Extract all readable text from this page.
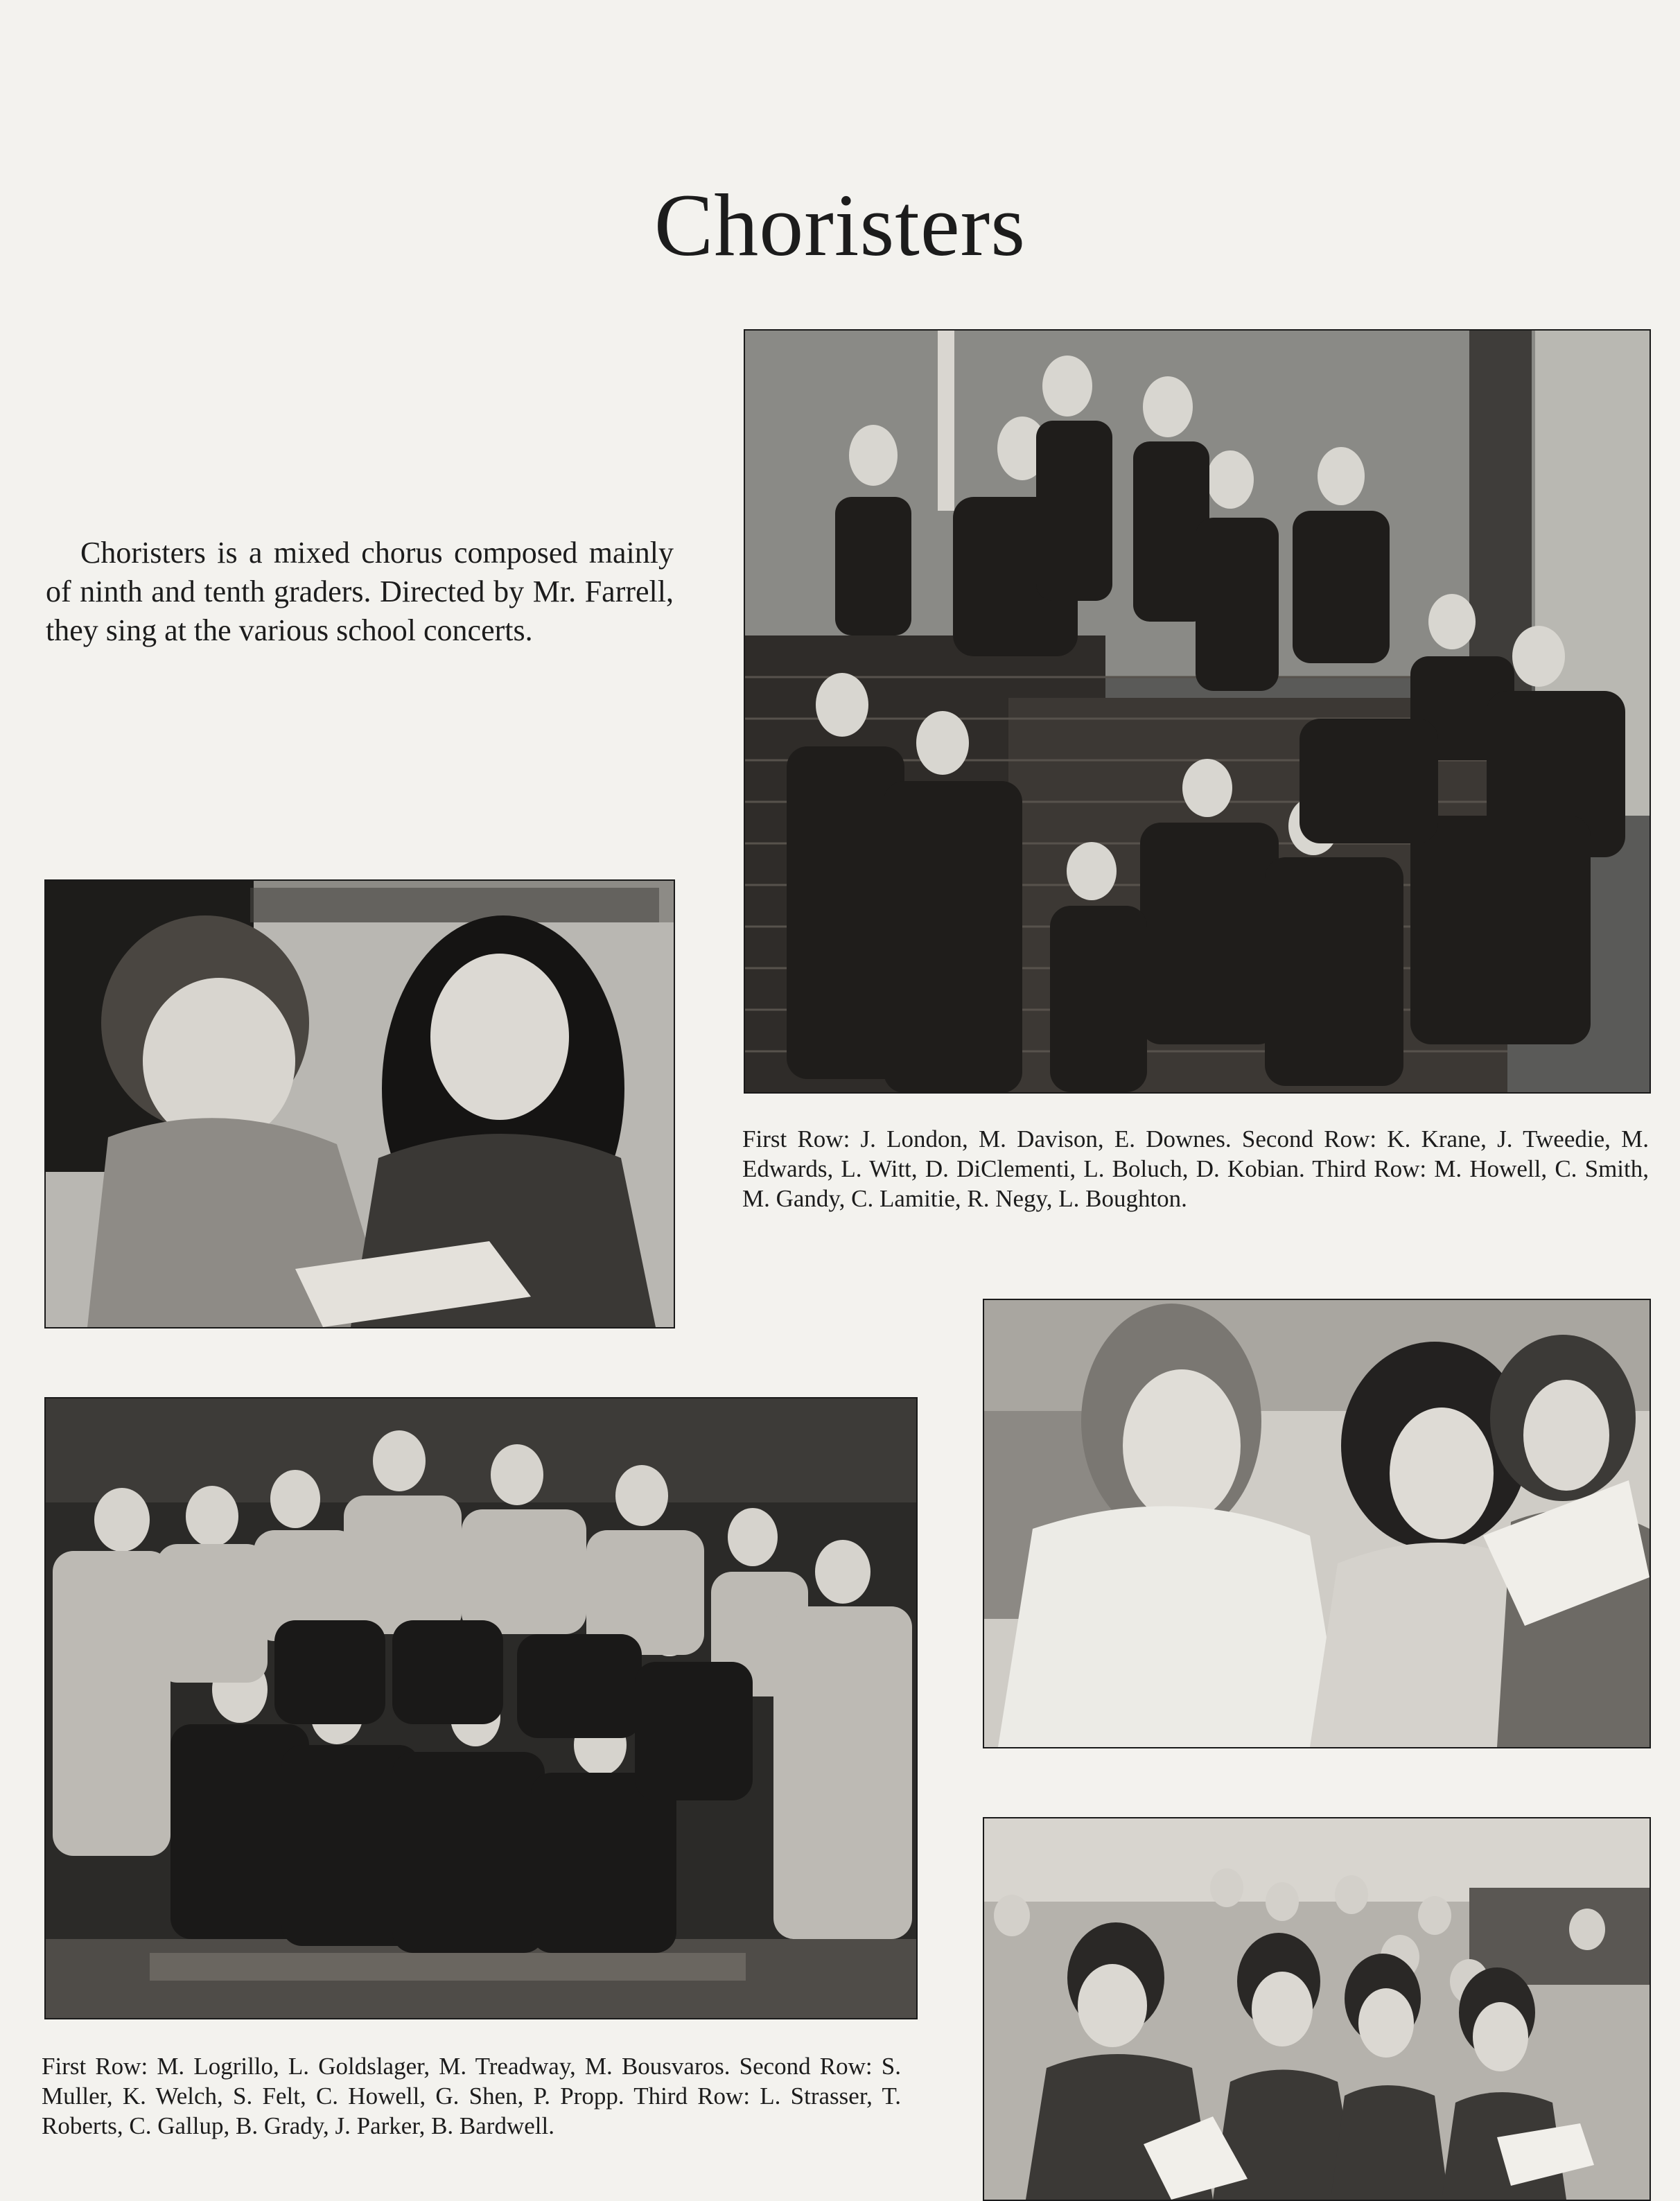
Choristers
Choristers is a mixed chorus composed mainly of ninth and tenth graders. Directed by Mr. Farrell, they sing at the various school concerts.
First Row: J. London, M. Davison, E. Downes. Second Row: K. Krane, J. Tweedie, M. Edwards, L. Witt, D. DiClementi, L. Boluch, D. Kobian. Third Row: M. Howell, C. Smith, M. Gandy, C. Lamitie, R. Negy, L. Boughton.
First Row: M. Logrillo, L. Goldslager, M. Treadway, M. Bousvaros. Second Row: S. Muller, K. Welch, S. Felt, C. Howell, G. Shen, P. Propp. Third Row: L. Strasser, T. Roberts, C. Gallup, B. Grady, J. Parker, B. Bardwell.
